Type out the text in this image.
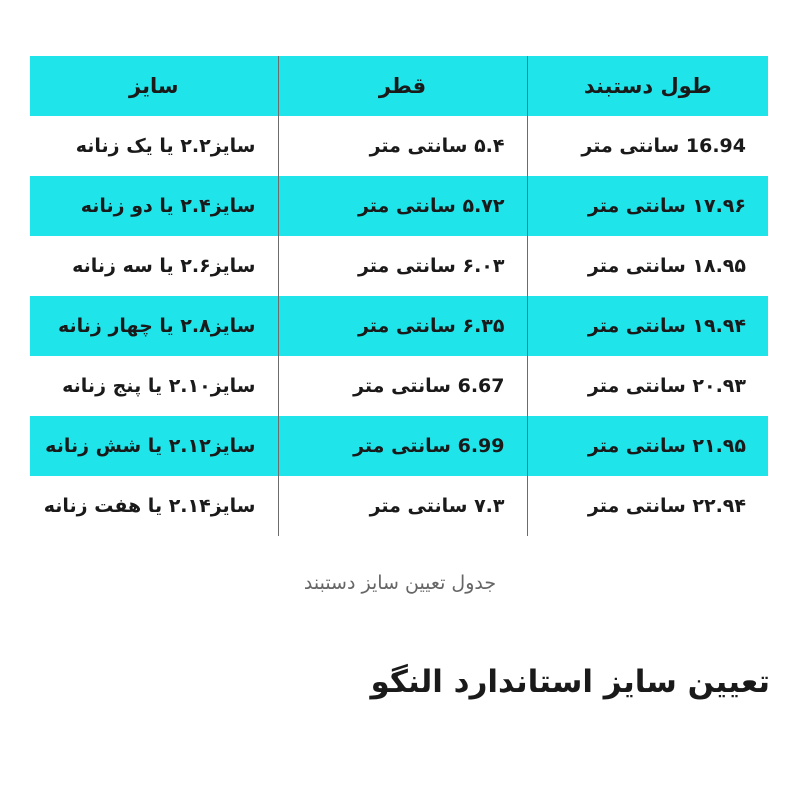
طول دستبند	قطر	سایز
16.94 سانتی متر	۵.۴ سانتی متر	سایز۲.۲ یا یک زنانه
۱۷.۹۶ سانتی متر	۵.۷۲ سانتی متر	سایز۲.۴ یا دو زنانه
۱۸.۹۵ سانتی متر	۶.۰۳ سانتی متر	سایز۲.۶ یا سه زنانه
۱۹.۹۴ سانتی متر	۶.۳۵ سانتی متر	سایز۲.۸ یا چهار زنانه
۲۰.۹۳ سانتی متر	6.67 سانتی متر	سایز۲.۱۰ یا پنج زنانه
۲۱.۹۵ سانتی متر	6.99 سانتی متر	سایز۲.۱۲ یا شش زنانه
۲۲.۹۴ سانتی متر	۷.۳ سانتی متر	سایز۲.۱۴ یا هفت زنانه
جدول تعیین سایز دستبند
تعیین سایز استاندارد النگو
